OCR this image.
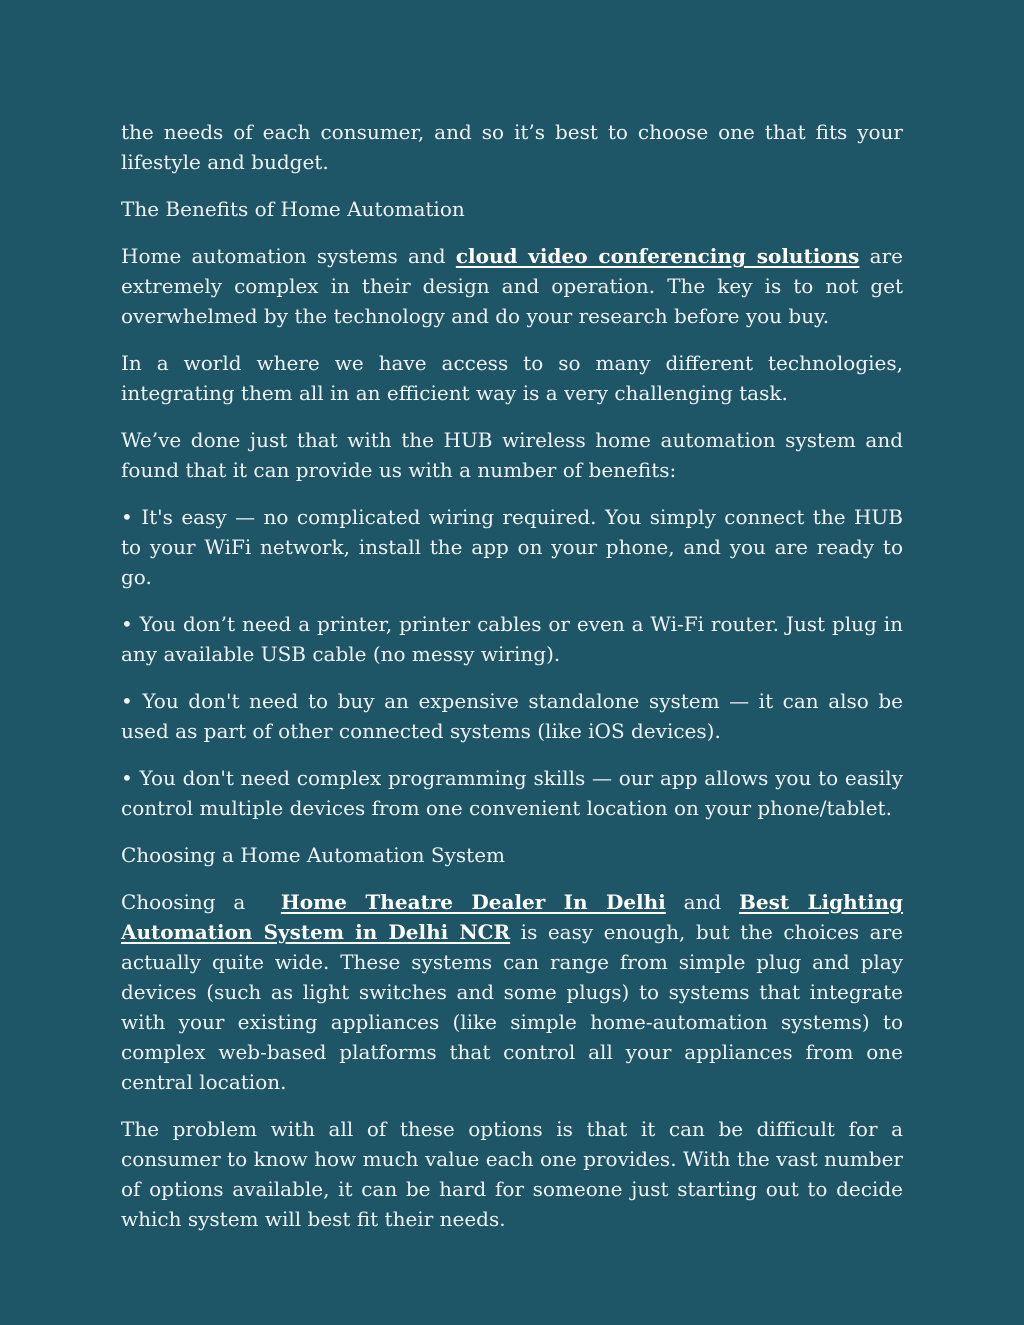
the needs of each consumer, and so it’s best to choose one that fits your lifestyle and budget.

The Benefits of Home Automation

Home automation systems and cloud video conferencing solutions are extremely complex in their design and operation. The key is to not get overwhelmed by the technology and do your research before you buy.

In a world where we have access to so many different technologies, integrating them all in an efficient way is a very challenging task.

We’ve done just that with the HUB wireless home automation system and found that it can provide us with a number of benefits:

• It's easy — no complicated wiring required. You simply connect the HUB to your WiFi network, install the app on your phone, and you are ready to go.

• You don’t need a printer, printer cables or even a Wi-Fi router. Just plug in any available USB cable (no messy wiring).

• You don't need to buy an expensive standalone system — it can also be used as part of other connected systems (like iOS devices).

• You don't need complex programming skills — our app allows you to easily control multiple devices from one convenient location on your phone/tablet.

Choosing a Home Automation System

Choosing a Home Theatre Dealer In Delhi and Best Lighting Automation System in Delhi NCR is easy enough, but the choices are actually quite wide. These systems can range from simple plug and play devices (such as light switches and some plugs) to systems that integrate with your existing appliances (like simple home-automation systems) to complex web-based platforms that control all your appliances from one central location.

The problem with all of these options is that it can be difficult for a consumer to know how much value each one provides. With the vast number of options available, it can be hard for someone just starting out to decide which system will best fit their needs.
